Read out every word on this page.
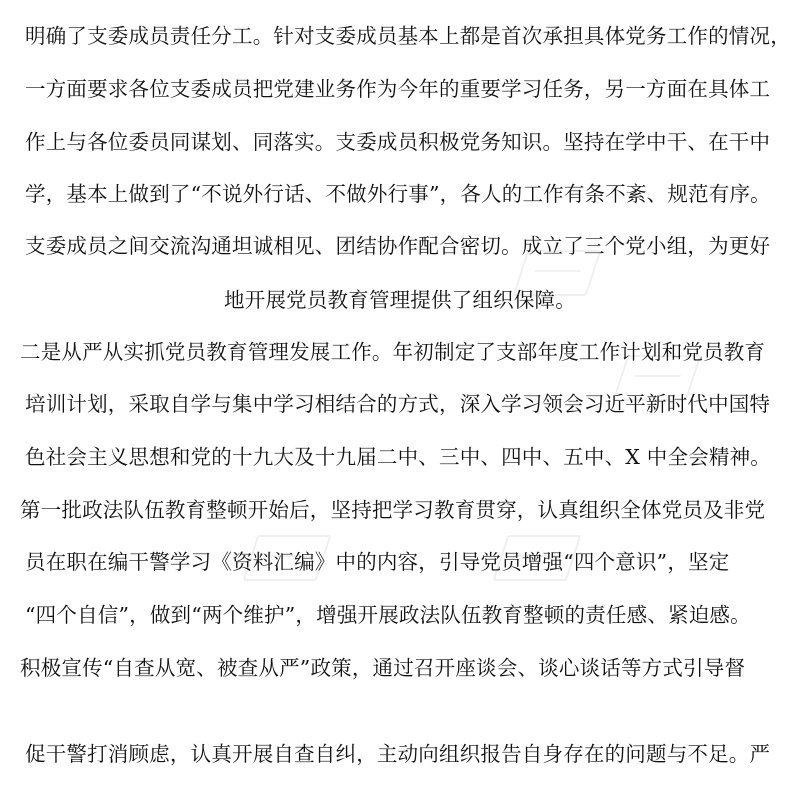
明确了支委成员责任分工。针对支委成员基本上都是首次承担具体党务工作的情况，
一方面要求各位支委成员把党建业务作为今年的重要学习任务，另一方面在具体工
作上与各位委员同谋划、同落实。支委成员积极党务知识。坚持在学中干、在干中
学，基本上做到了“不说外行话、不做外行事”，各人的工作有条不紊、规范有序。
支委成员之间交流沟通坦诚相见、团结协作配合密切。成立了三个党小组，为更好
地开展党员教育管理提供了组织保障。
二是从严从实抓党员教育管理发展工作。年初制定了支部年度工作计划和党员教育
培训计划，采取自学与集中学习相结合的方式，深入学习领会习近平新时代中国特
色社会主义思想和党的十九大及十九届二中、三中、四中、五中、X 中全会精神。
第一批政法队伍教育整顿开始后，坚持把学习教育贯穿，认真组织全体党员及非党
员在职在编干警学习《资料汇编》中的内容，引导党员增强“四个意识”，坚定
“四个自信”，做到“两个维护”，增强开展政法队伍教育整顿的责任感、紧迫感。
积极宣传“自查从宽、被查从严”政策，通过召开座谈会、谈心谈话等方式引导督
促干警打消顾虑，认真开展自查自纠，主动向组织报告自身存在的问题与不足。严
